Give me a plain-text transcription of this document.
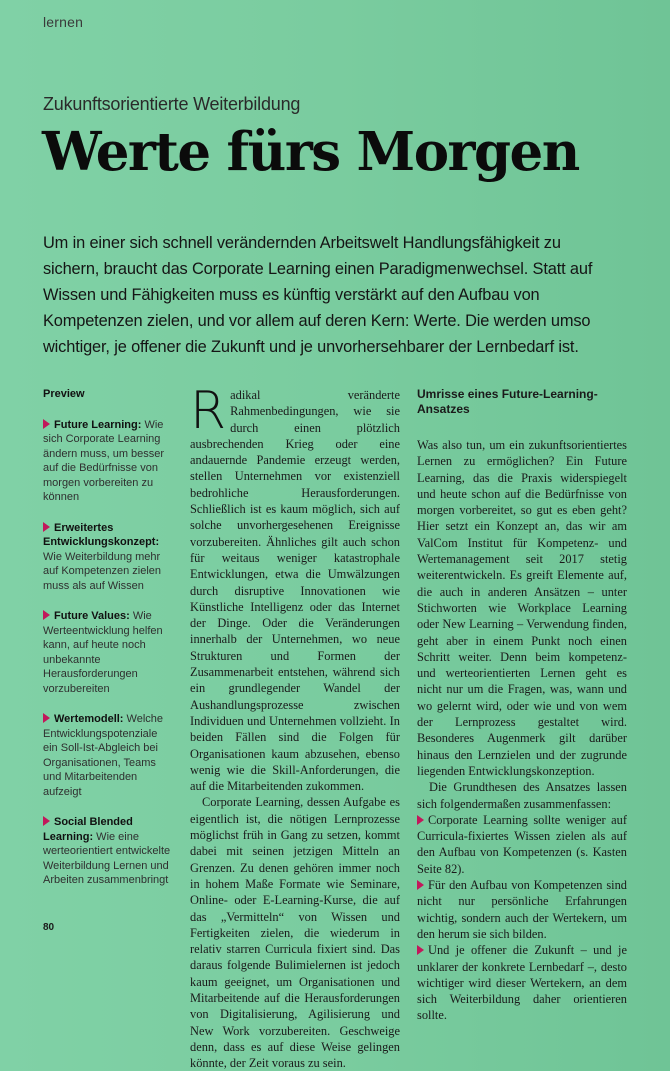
lernen
Zukunftsorientierte Weiterbildung
Werte fürs Morgen

Um in einer sich schnell verändernden Arbeitswelt Handlungsfähigkeit zu sichern, braucht das Corporate Learning einen Paradigmenwechsel. Statt auf Wissen und Fähigkeiten muss es künftig verstärkt auf den Aufbau von Kompetenzen zielen, und vor allem auf deren Kern: Werte. Die werden umso wichtiger, je offener die Zukunft und je unvorhersehbarer der Lernbedarf ist.

Preview
Future Learning: Wie sich Corporate Learning ändern muss, um besser auf die Bedürfnisse von morgen vorbereiten zu können
Erweitertes Entwicklungskonzept: Wie Weiterbildung mehr auf Kompetenzen zielen muss als auf Wissen
Future Values: Wie Werteentwicklung helfen kann, auf heute noch unbekannte Herausforderungen vorzubereiten
Wertemodell: Welche Entwicklungspotenziale ein Soll-Ist-Abgleich bei Organisationen, Teams und Mitarbeitenden aufzeigt
Social Blended Learning: Wie eine werteorientiert entwickelte Weiterbildung Lernen und Arbeiten zusammenbringt
R adikal veränderte Rahmenbedingungen, wie sie durch einen plötzlich ausbrechenden Krieg oder eine andauernde Pandemie erzeugt werden, stellen Unternehmen vor existenziell bedrohliche Herausforderungen. Schließlich ist es kaum möglich, sich auf solche unvorhergesehenen Ereignisse vorzubereiten. Ähnliches gilt auch schon für weitaus weniger katastrophale Entwicklungen, etwa die Umwälzungen durch disruptive Innovationen wie Künstliche Intelligenz oder das Internet der Dinge. Oder die Veränderungen innerhalb der Unternehmen, wo neue Strukturen und Formen der Zusammenarbeit entstehen, während sich ein grundlegender Wandel der Aushandlungsprozesse zwischen Individuen und Unternehmen vollzieht. In beiden Fällen sind die Folgen für Organisationen kaum abzusehen, ebenso wenig wie die Skill-Anforderungen, die auf die Mitarbeitenden zukommen.

Corporate Learning, dessen Aufgabe es eigentlich ist, die nötigen Lernprozesse möglichst früh in Gang zu setzen, kommt dabei mit seinen jetzigen Mitteln an Grenzen. Zu denen gehören immer noch in hohem Maße Formate wie Seminare, Online- oder E-Learning-Kurse, die auf das „Vermitteln“ von Wissen und Fertigkeiten zielen, die wiederum in relativ starren Curricula fixiert sind. Das daraus folgende Bulimielernen ist jedoch kaum geeignet, um Organisationen und Mitarbeitende auf die Herausforderungen von Digitalisierung, Agilisierung und New Work vorzubereiten. Geschweige denn, dass es auf diese Weise gelingen könnte, der Zeit voraus zu sein.

Umrisse eines Future-Learning-Ansatzes

Was also tun, um ein zukunftsorientiertes Lernen zu ermöglichen? Ein Future Learning, das die Praxis widerspiegelt und heute schon auf die Bedürfnisse von morgen vorbereitet, so gut es eben geht? Hier setzt ein Konzept an, das wir am ValCom Institut für Kompetenz- und Wertemanagement seit 2017 stetig weiterentwickeln. Es greift Elemente auf, die auch in anderen Ansätzen – unter Stichworten wie Workplace Learning oder New Learning – Verwendung finden, geht aber in einem Punkt noch einen Schritt weiter. Denn beim kompetenz- und werteorientierten Lernen geht es nicht nur um die Fragen, was, wann und wo gelernt wird, oder wie und von wem der Lernprozess gestaltet wird. Besonderes Augenmerk gilt darüber hinaus den Lernzielen und der zugrunde liegenden Entwicklungskonzeption.

Die Grundthesen des Ansatzes lassen sich folgendermaßen zusammenfassen:

Corporate Learning sollte weniger auf Curricula-fixiertes Wissen zielen als auf den Aufbau von Kompetenzen (s. Kasten Seite 82).

Für den Aufbau von Kompetenzen sind nicht nur persönliche Erfahrungen wichtig, sondern auch der Wertekern, um den herum sie sich bilden.

Und je offener die Zukunft – und je unklarer der konkrete Lernbedarf –, desto wichtiger wird dieser Wertekern, an dem sich Weiterbildung daher orientieren sollte.

80
